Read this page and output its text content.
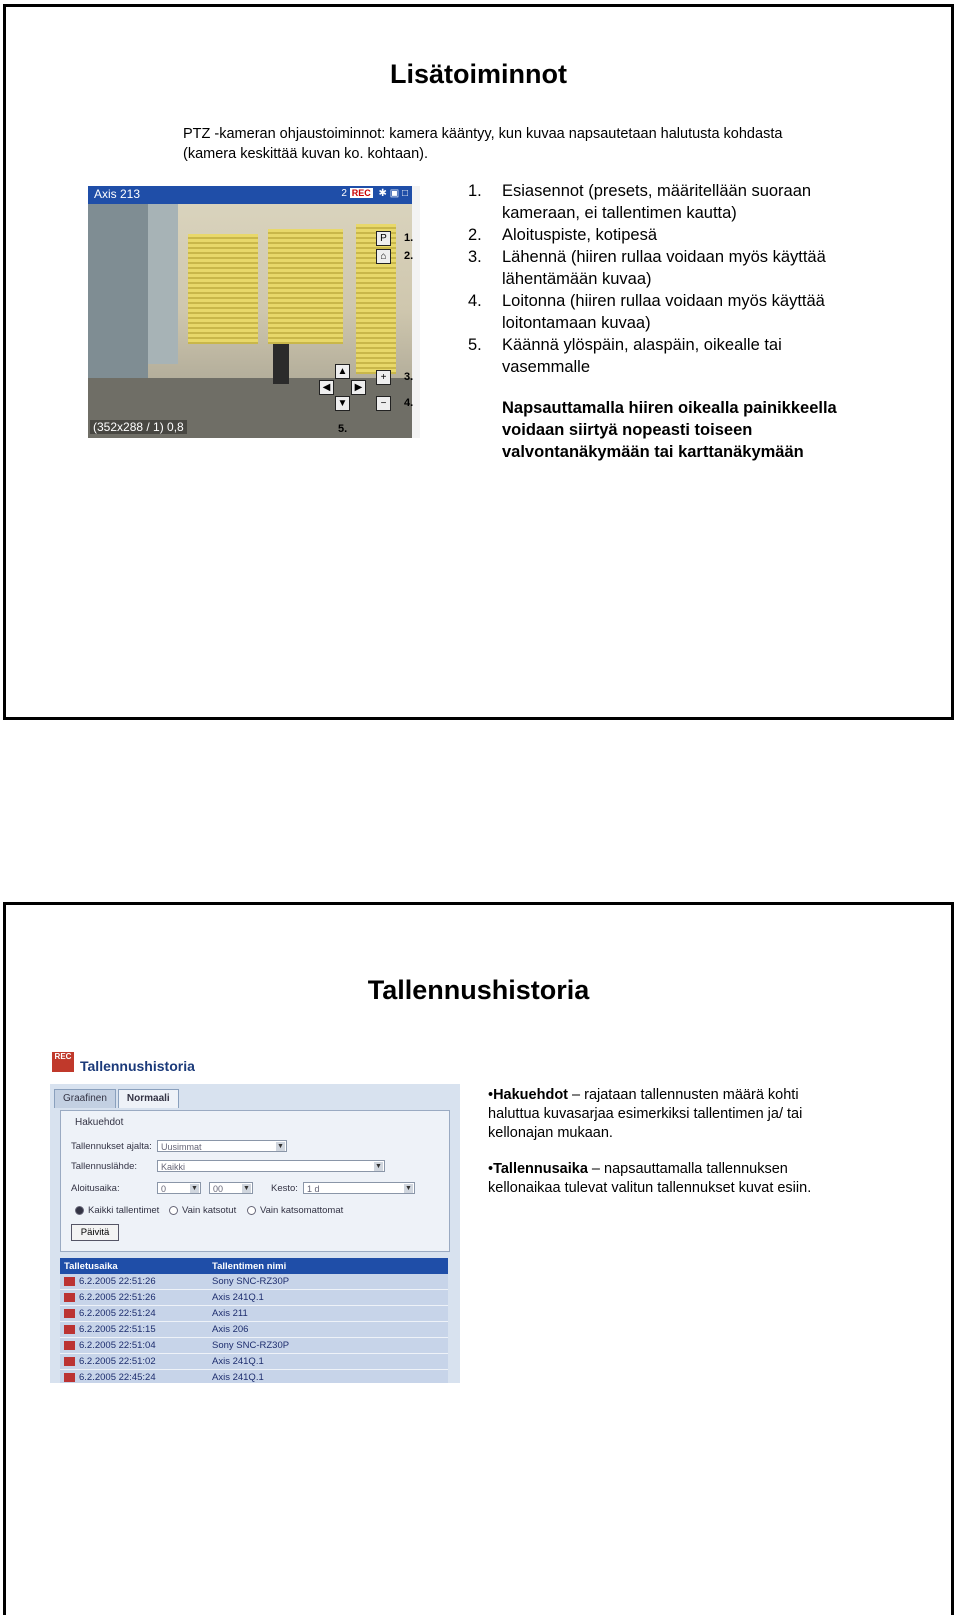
Lisätoiminnot
PTZ -kameran ohjaustoiminnot: kamera kääntyy, kun kuvaa napsautetaan halutusta kohdasta (kamera keskittää kuvan ko. kohtaan).
Axis 213	2 REC ✱ ▣ □
(352x288 / 1) 0,8
P
⌂
▲
◀	▶
▼
+
−
1.
2.
3.
4.
5.
1. Esiasennot (presets, määritellään suoraan kameraan, ei tallentimen kautta)
2. Aloituspiste, kotipesä
3. Lähennä (hiiren rullaa voidaan myös käyttää lähentämään kuvaa)
4. Loitonna (hiiren rullaa voidaan myös käyttää loitontamaan kuvaa)
5. Käännä ylöspäin, alaspäin, oikealle tai vasemmalle
Napsauttamalla hiiren oikealla painikkeella voidaan siirtyä nopeasti toiseen valvontanäkymään tai karttanäkymään
Tallennushistoria
REC
Tallennushistoria
Graafinen Normaali
Hakuehdot
Tallennukset ajalta:	Uusimmat	▼
Tallennuslähde:	Kaikki	▼
Aloitusaika:	0	▼	00	▼ Kesto:	1 d	▼
Kaikki tallentimet	Vain katsotut	Vain katsomattomat
Päivitä
Talletusaika	Tallentimen nimi
6.2.2005 22:51:26	Sony SNC-RZ30P
6.2.2005 22:51:26	Axis 241Q.1
6.2.2005 22:51:24	Axis 211
6.2.2005 22:51:15	Axis 206
6.2.2005 22:51:04	Sony SNC-RZ30P
6.2.2005 22:51:02	Axis 241Q.1
6.2.2005 22:45:24	Axis 241Q.1

•Hakuehdot – rajataan tallennusten määrä kohti haluttua kuvasarjaa esimerkiksi tallentimen ja/ tai kellonajan mukaan.

•Tallennusaika – napsauttamalla tallennuksen kellonaikaa tulevat valitun tallennukset kuvat esiin.
